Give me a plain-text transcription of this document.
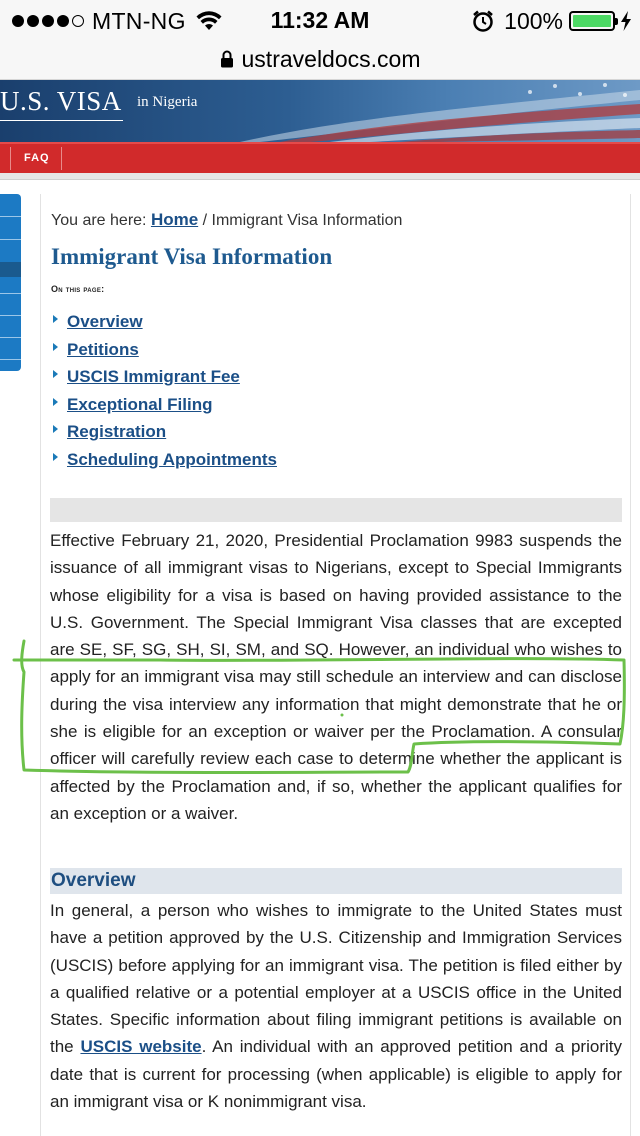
MTN-NG	11:32 AM	100%
ustraveldocs.com
U.S. VISA in Nigeria
FAQ
You are here: Home / Immigrant Visa Information
Immigrant Visa Information
On this page:
Overview
Petitions
USCIS Immigrant Fee
Exceptional Filing
Registration
Scheduling Appointments

Effective February 21, 2020, Presidential Proclamation 9983 suspends the issuance of all immigrant visas to Nigerians, except to Special Immigrants whose eligibility for a visa is based on having provided assistance to the U.S. Government. The Special Immigrant Visa classes that are excepted are SE, SF, SG, SH, SI, SM, and SQ. However, an individual who wishes to apply for an immigrant visa may still schedule an interview and can disclose during the visa interview any information that might demonstrate that he or she is eligible for an exception or waiver per the Proclamation. A consular officer will carefully review each case to determine whether the applicant is affected by the Proclamation and, if so, whether the applicant qualifies for an exception or a waiver.

Overview

In general, a person who wishes to immigrate to the United States must have a petition approved by the U.S. Citizenship and Immigration Services (USCIS) before applying for an immigrant visa. The petition is filed either by a qualified relative or a potential employer at a USCIS office in the United States. Specific information about filing immigrant petitions is available on the USCIS website. An individual with an approved petition and a priority date that is current for processing (when applicable) is eligible to apply for an immigrant visa or K nonimmigrant visa.
